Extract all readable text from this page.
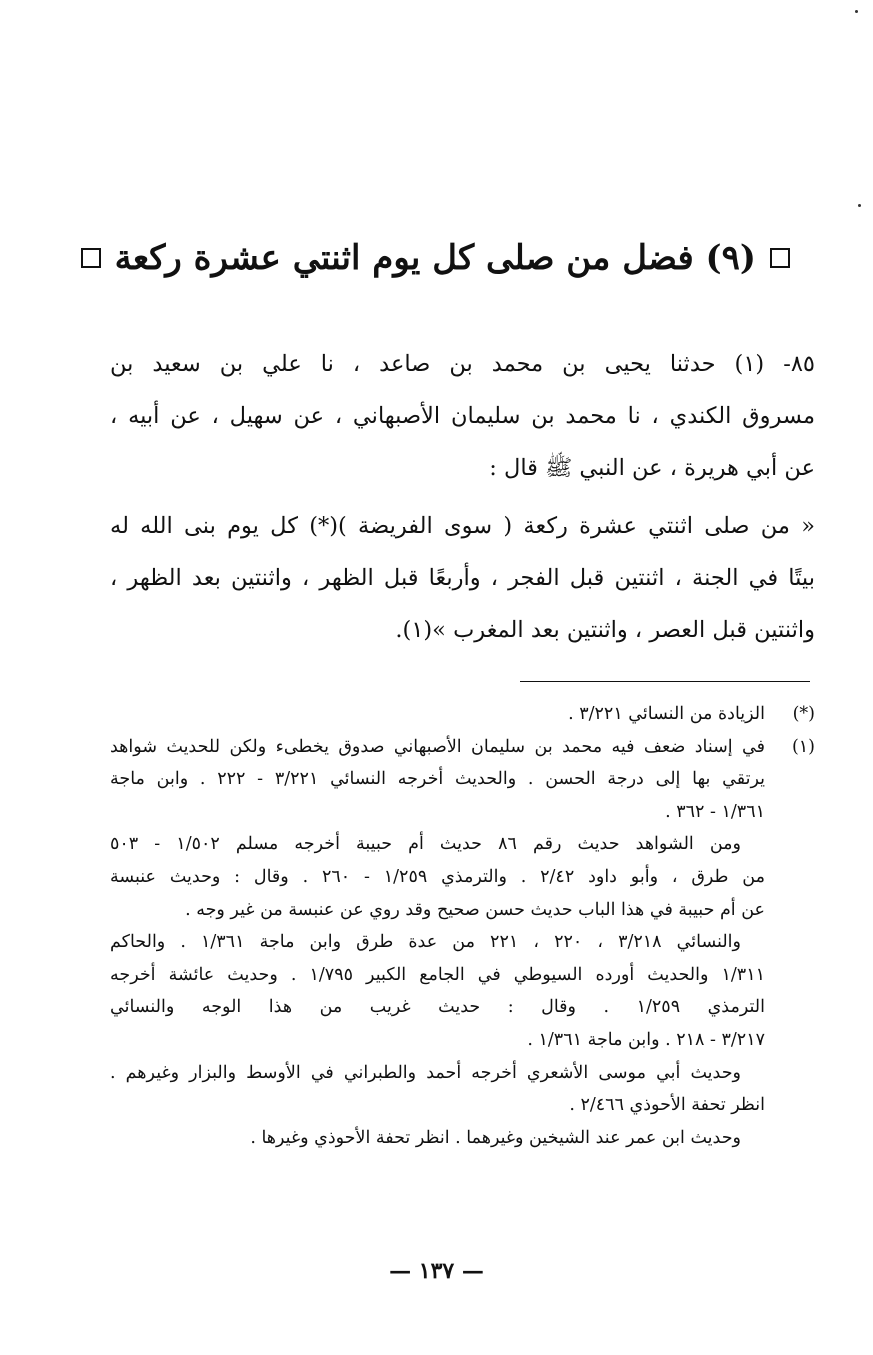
(٩) فضل من صلى كل يوم اثنتي عشرة ركعة
٨٥- (١) حدثنا يحيى بن محمد بن صاعد ، نا علي بن سعيد بن
مسروق الكندي ، نا محمد بن سليمان الأصبهاني ، عن سهيل ، عن أبيه ،
عن أبي هريرة ، عن النبي ﷺ قال :
« من صلى اثنتي عشرة ركعة ( سوى الفريضة )(*) كل يوم بنى الله له
بيتًا في الجنة ، اثنتين قبل الفجر ، وأربعًا قبل الظهر ، واثنتين بعد الظهر ،
واثنتين قبل العصر ، واثنتين بعد المغرب »(١).
(*)
الزيادة من النسائي ٣/٢٢١ .
(١)
في إسناد ضعف فيه محمد بن سليمان الأصبهاني صدوق يخطىء ولكن للحديث شواهد
يرتقي بها إلى درجة الحسن . والحديث أخرجه النسائي ٣/٢٢١ - ٢٢٢ . وابن ماجة
١/٣٦١ - ٣٦٢ .
ومن الشواهد حديث رقم ٨٦ حديث أم حبيبة أخرجه مسلم ١/٥٠٢ - ٥٠٣
من طرق ، وأبو داود ٢/٤٢ . والترمذي ١/٢٥٩ - ٢٦٠ . وقال : وحديث عنبسة
عن أم حبيبة في هذا الباب حديث حسن صحيح وقد روي عن عنبسة من غير وجه .
والنسائي ٣/٢١٨ ، ٢٢٠ ، ٢٢١ من عدة طرق وابن ماجة ١/٣٦١ . والحاكم
١/٣١١ والحديث أورده السيوطي في الجامع الكبير ١/٧٩٥ . وحديث عائشة أخرجه
الترمذي ١/٢٥٩ . وقال : حديث غريب من هذا الوجه والنسائي
٣/٢١٧ - ٢١٨ . وابن ماجة ١/٣٦١ .
وحديث أبي موسى الأشعري أخرجه أحمد والطبراني في الأوسط والبزار وغيرهم .
انظر تحفة الأحوذي ٢/٤٦٦ .
وحديث ابن عمر عند الشيخين وغيرهما . انظر تحفة الأحوذي وغيرها .
— ١٣٧ —
